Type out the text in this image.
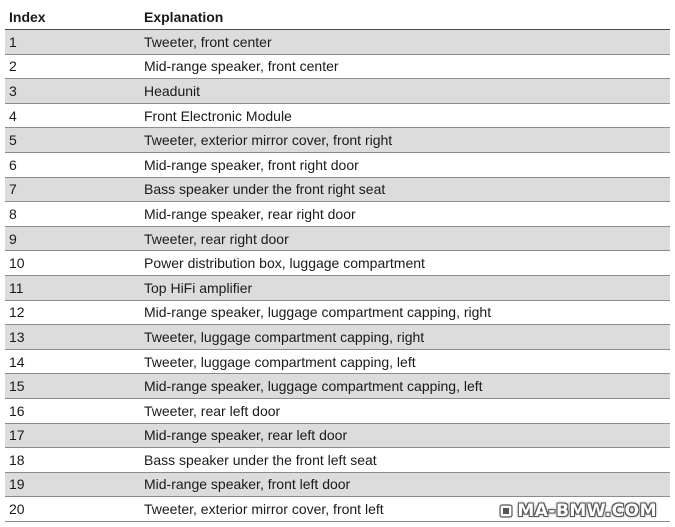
Index	Explanation
1	Tweeter, front center
2	Mid-range speaker, front center
3	Headunit
4	Front Electronic Module
5	Tweeter, exterior mirror cover, front right
6	Mid-range speaker, front right door
7	Bass speaker under the front right seat
8	Mid-range speaker, rear right door
9	Tweeter, rear right door
10	Power distribution box, luggage compartment
11	Top HiFi amplifier
12	Mid-range speaker, luggage compartment capping, right
13	Tweeter, luggage compartment capping, right
14	Tweeter, luggage compartment capping, left
15	Mid-range speaker, luggage compartment capping, left
16	Tweeter, rear left door
17	Mid-range speaker, rear left door
18	Bass speaker under the front left seat
19	Mid-range speaker, front left door
20	Tweeter, exterior mirror cover, front left	MA-BMW.COM
